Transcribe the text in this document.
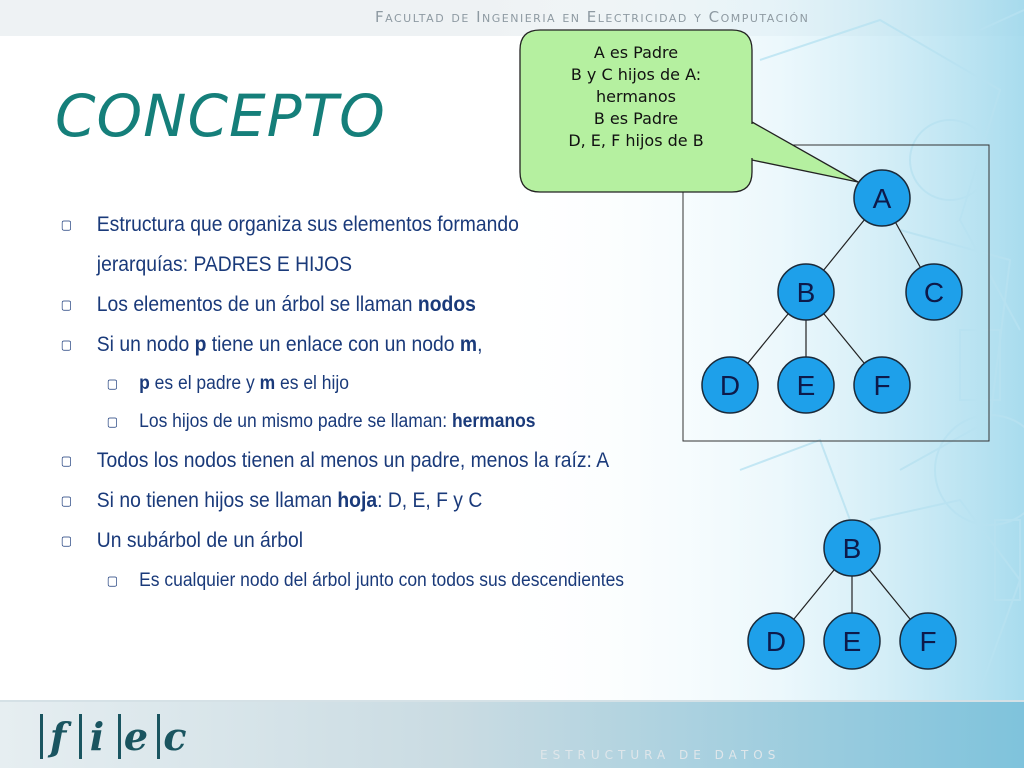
Facultad de Ingenieria en Electricidad y Computación
CONCEPTO
▢ Estructura que organiza sus elementos formando jerarquías: PADRES E HIJOS
▢ Los elementos de un árbol se llaman nodos
▢ Si un nodo p tiene un enlace con un nodo m,
▢ p es el padre y m es el hijo
▢ Los hijos de un mismo padre se llaman: hermanos
▢ Todos los nodos tienen al menos un padre, menos la raíz: A
▢ Si no tienen hijos se llaman hoja: D, E, F y C
▢ Un subárbol de un árbol
▢ Es cualquier nodo del árbol junto con todos sus descendientes
A
B	C
D E F
B
D E F
A es Padre
B y C hijos de A:
hermanos
B es Padre
D, E, F hijos de B
f i e c	ESTRUCTURA DE DATOS
